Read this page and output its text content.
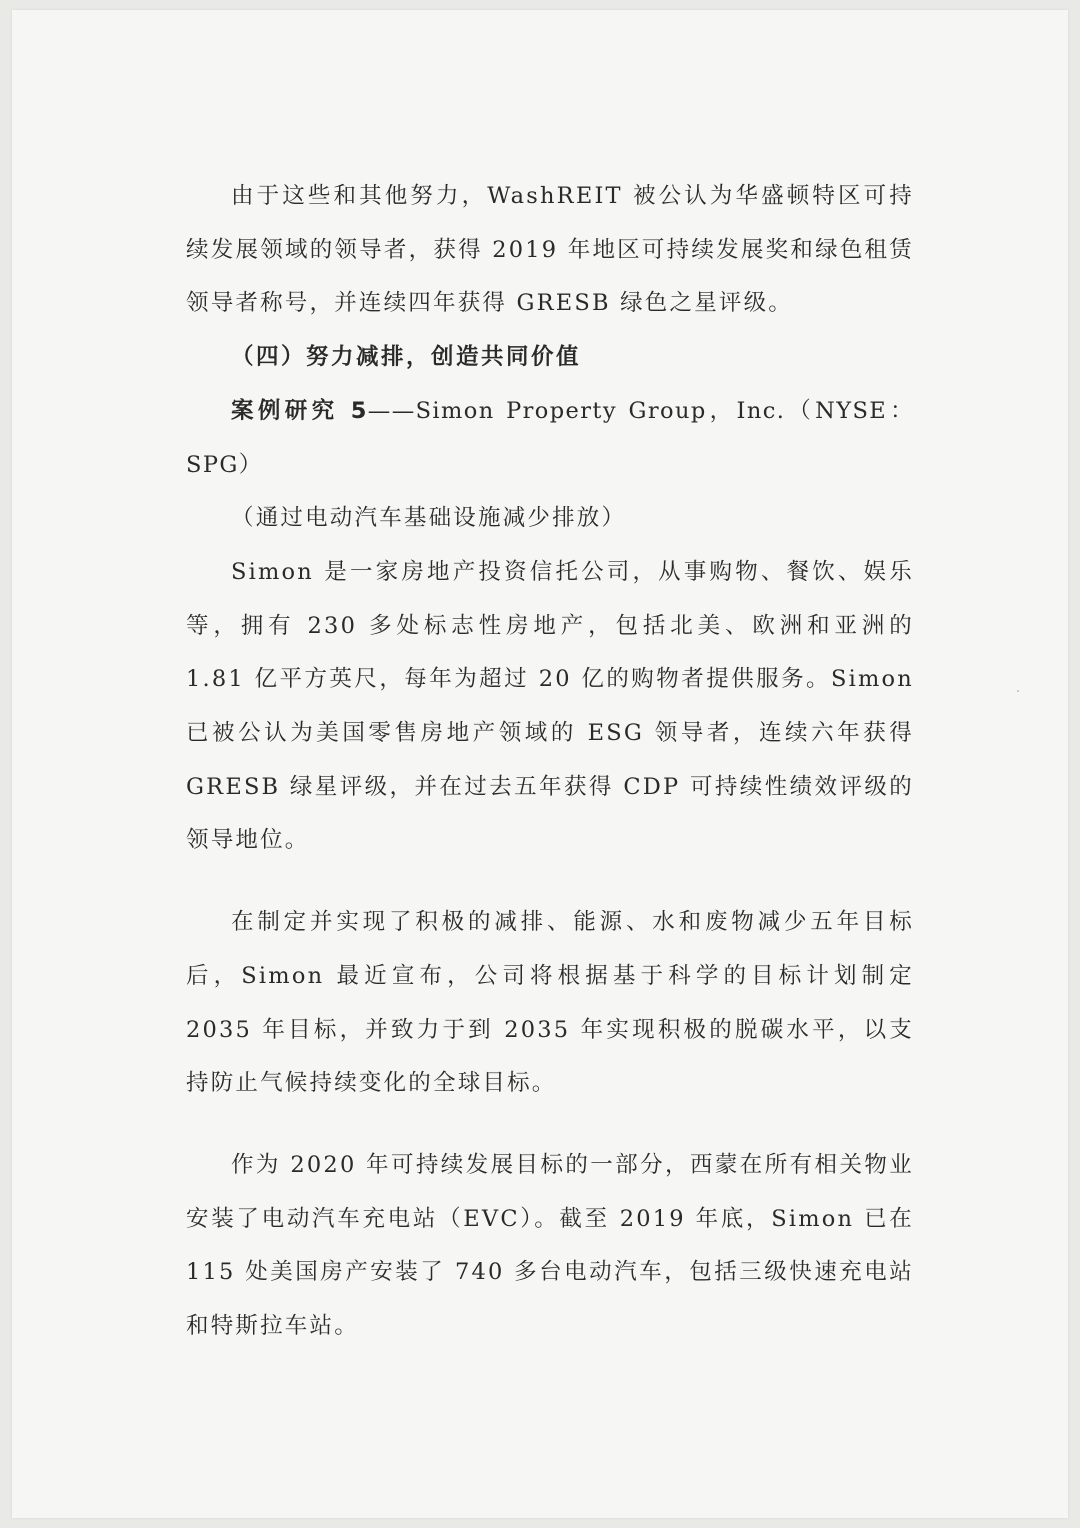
由于这些和其他努力，WashREIT 被公认为华盛顿特区可持续发展领域的领导者，获得 2019 年地区可持续发展奖和绿色租赁领导者称号，并连续四年获得 GRESB 绿色之星评级。

（四）努力减排，创造共同价值

案例研究 5——Simon Property Group，Inc.（NYSE：SPG）

（通过电动汽车基础设施减少排放）

Simon 是一家房地产投资信托公司，从事购物、餐饮、娱乐等，拥有 230 多处标志性房地产，包括北美、欧洲和亚洲的 1.81 亿平方英尺，每年为超过 20 亿的购物者提供服务。Simon 已被公认为美国零售房地产领域的 ESG 领导者，连续六年获得 GRESB 绿星评级，并在过去五年获得 CDP 可持续性绩效评级的领导地位。

在制定并实现了积极的减排、能源、水和废物减少五年目标后，Simon 最近宣布，公司将根据基于科学的目标计划制定 2035 年目标，并致力于到 2035 年实现积极的脱碳水平，以支持防止气候持续变化的全球目标。

作为 2020 年可持续发展目标的一部分，西蒙在所有相关物业安装了电动汽车充电站（EVC）。截至 2019 年底，Simon 已在 115 处美国房产安装了 740 多台电动汽车，包括三级快速充电站和特斯拉车站。
